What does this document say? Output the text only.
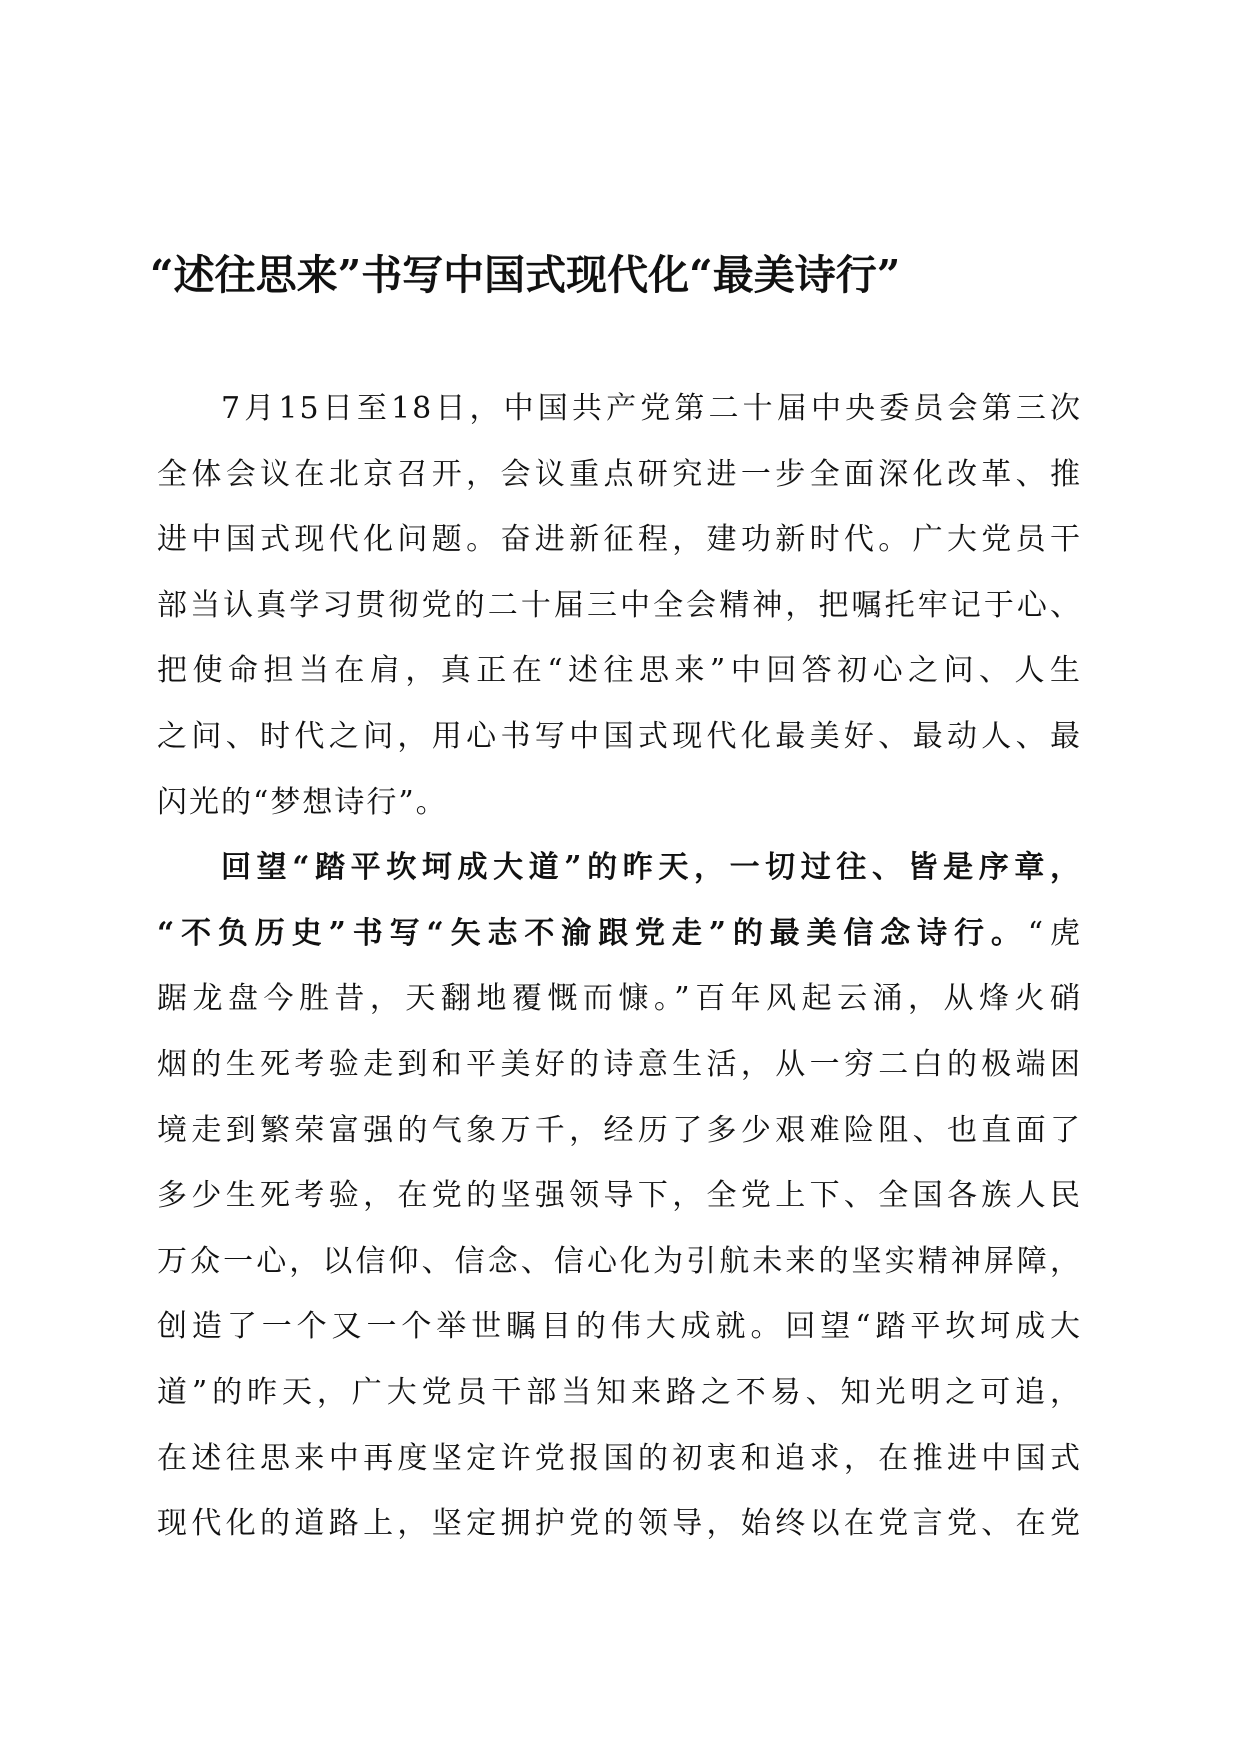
“述往思来”书写中国式现代化“最美诗行”
7月15日至18日，中国共产党第二十届中央委员会第三次
全体会议在北京召开，会议重点研究进一步全面深化改革、推
进中国式现代化问题。奋进新征程，建功新时代。广大党员干
部当认真学习贯彻党的二十届三中全会精神，把嘱托牢记于心、
把使命担当在肩，真正在“述往思来”中回答初心之问、人生
之问、时代之问，用心书写中国式现代化最美好、最动人、最
闪光的“梦想诗行”。
回望“踏平坎坷成大道”的昨天，一切过往、皆是序章，
“不负历史”书写“矢志不渝跟党走”的最美信念诗行。“虎
踞龙盘今胜昔，天翻地覆慨而慷。”百年风起云涌，从烽火硝
烟的生死考验走到和平美好的诗意生活，从一穷二白的极端困
境走到繁荣富强的气象万千，经历了多少艰难险阻、也直面了
多少生死考验，在党的坚强领导下，全党上下、全国各族人民
万众一心，以信仰、信念、信心化为引航未来的坚实精神屏障，
创造了一个又一个举世瞩目的伟大成就。回望“踏平坎坷成大
道”的昨天，广大党员干部当知来路之不易、知光明之可追，
在述往思来中再度坚定许党报国的初衷和追求，在推进中国式
现代化的道路上，坚定拥护党的领导，始终以在党言党、在党
